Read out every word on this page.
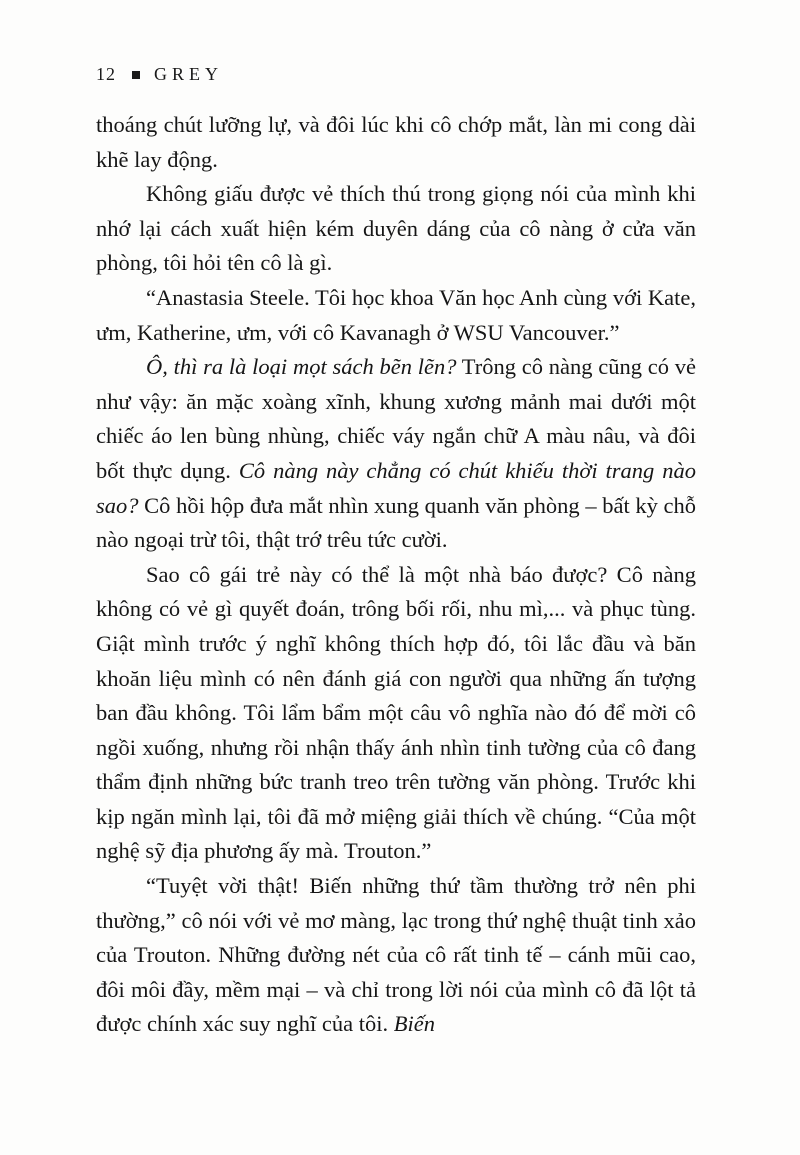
12 GREY

thoáng chút lưỡng lự, và đôi lúc khi cô chớp mắt, làn mi cong dài khẽ lay động.

Không giấu được vẻ thích thú trong giọng nói của mình khi nhớ lại cách xuất hiện kém duyên dáng của cô nàng ở cửa văn phòng, tôi hỏi tên cô là gì.

“Anastasia Steele. Tôi học khoa Văn học Anh cùng với Kate, ưm, Katherine, ưm, với cô Kavanagh ở WSU Vancouver.”

Ô, thì ra là loại mọt sách bẽn lẽn? Trông cô nàng cũng có vẻ như vậy: ăn mặc xoàng xĩnh, khung xương mảnh mai dưới một chiếc áo len bùng nhùng, chiếc váy ngắn chữ A màu nâu, và đôi bốt thực dụng. Cô nàng này chẳng có chút khiếu thời trang nào sao? Cô hồi hộp đưa mắt nhìn xung quanh văn phòng – bất kỳ chỗ nào ngoại trừ tôi, thật trớ trêu tức cười.

Sao cô gái trẻ này có thể là một nhà báo được? Cô nàng không có vẻ gì quyết đoán, trông bối rối, nhu mì,... và phục tùng. Giật mình trước ý nghĩ không thích hợp đó, tôi lắc đầu và băn khoăn liệu mình có nên đánh giá con người qua những ấn tượng ban đầu không. Tôi lẩm bẩm một câu vô nghĩa nào đó để mời cô ngồi xuống, nhưng rồi nhận thấy ánh nhìn tinh tường của cô đang thẩm định những bức tranh treo trên tường văn phòng. Trước khi kịp ngăn mình lại, tôi đã mở miệng giải thích về chúng. “Của một nghệ sỹ địa phương ấy mà. Trouton.”

“Tuyệt vời thật! Biến những thứ tầm thường trở nên phi thường,” cô nói với vẻ mơ màng, lạc trong thứ nghệ thuật tinh xảo của Trouton. Những đường nét của cô rất tinh tế – cánh mũi cao, đôi môi đầy, mềm mại – và chỉ trong lời nói của mình cô đã lột tả được chính xác suy nghĩ của tôi. Biến
